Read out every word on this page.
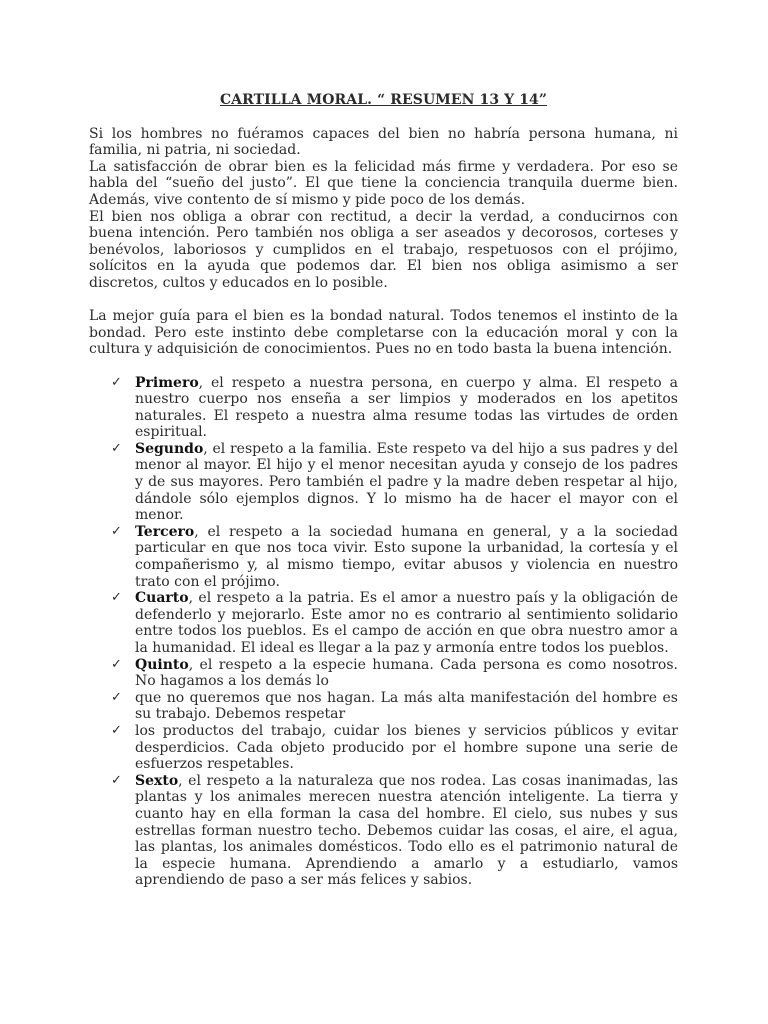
CARTILLA MORAL. “ RESUMEN 13 Y 14”

Si los hombres no fuéramos capaces del bien no habría persona humana, ni familia, ni patria, ni sociedad.

La satisfacción de obrar bien es la felicidad más firme y verdadera. Por eso se habla del “sueño del justo”. El que tiene la conciencia tranquila duerme bien. Además, vive contento de sí mismo y pide poco de los demás.

El bien nos obliga a obrar con rectitud, a decir la verdad, a conducirnos con buena intención. Pero también nos obliga a ser aseados y decorosos, corteses y benévolos, laboriosos y cumplidos en el trabajo, respetuosos con el prójimo, solícitos en la ayuda que podemos dar. El bien nos obliga asimismo a ser discretos, cultos y educados en lo posible.

La mejor guía para el bien es la bondad natural. Todos tenemos el instinto de la bondad. Pero este instinto debe completarse con la educación moral y con la cultura y adquisición de conocimientos. Pues no en todo basta la buena intención.

✓ Primero, el respeto a nuestra persona, en cuerpo y alma. El respeto a nuestro cuerpo nos enseña a ser limpios y moderados en los apetitos naturales. El respeto a nuestra alma resume todas las virtudes de orden espiritual.
✓ Segundo, el respeto a la familia. Este respeto va del hijo a sus padres y del menor al mayor. El hijo y el menor necesitan ayuda y consejo de los padres y de sus mayores. Pero también el padre y la madre deben respetar al hijo, dándole sólo ejemplos dignos. Y lo mismo ha de hacer el mayor con el menor.
✓ Tercero, el respeto a la sociedad humana en general, y a la sociedad particular en que nos toca vivir. Esto supone la urbanidad, la cortesía y el compañerismo y, al mismo tiempo, evitar abusos y violencia en nuestro trato con el prójimo.
✓ Cuarto, el respeto a la patria. Es el amor a nuestro país y la obligación de defenderlo y mejorarlo. Este amor no es contrario al sentimiento solidario entre todos los pueblos. Es el campo de acción en que obra nuestro amor a la humanidad. El ideal es llegar a la paz y armonía entre todos los pueblos.
✓ Quinto, el respeto a la especie humana. Cada persona es como nosotros. No hagamos a los demás lo
✓ que no queremos que nos hagan. La más alta manifestación del hombre es su trabajo. Debemos respetar
✓ los productos del trabajo, cuidar los bienes y servicios públicos y evitar desperdicios. Cada objeto producido por el hombre supone una serie de esfuerzos respetables.
✓ Sexto, el respeto a la naturaleza que nos rodea. Las cosas inanimadas, las plantas y los animales merecen nuestra atención inteligente. La tierra y cuanto hay en ella forman la casa del hombre. El cielo, sus nubes y sus estrellas forman nuestro techo. Debemos cuidar las cosas, el aire, el agua, las plantas, los animales domésticos. Todo ello es el patrimonio natural de la especie humana. Aprendiendo a amarlo y a estudiarlo, vamos aprendiendo de paso a ser más felices y sabios.
